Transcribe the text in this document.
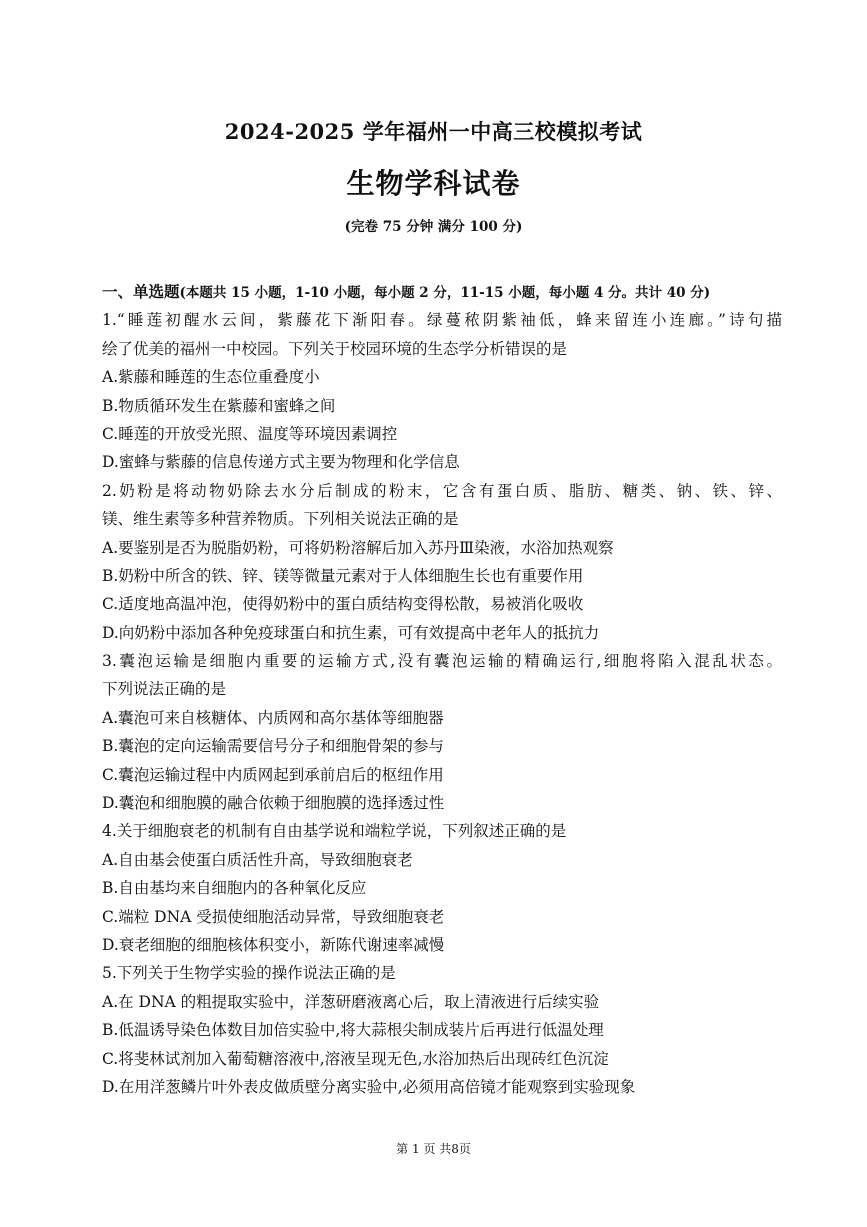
2024-2025 学年福州一中高三校模拟考试
生物学科试卷
(完卷 75 分钟 满分 100 分)
一、单选题(本题共 15 小题，1-10 小题，每小题 2 分，11-15 小题，每小题 4 分。共计 40 分)
1.“睡莲初醒水云间，紫藤花下渐阳春。绿蔓秾阴紫袖低，蜂来留连小连廊。”诗句描
绘了优美的福州一中校园。下列关于校园环境的生态学分析错误的是
A.紫藤和睡莲的生态位重叠度小
B.物质循环发生在紫藤和蜜蜂之间
C.睡莲的开放受光照、温度等环境因素调控
D.蜜蜂与紫藤的信息传递方式主要为物理和化学信息
2.奶粉是将动物奶除去水分后制成的粉末，它含有蛋白质、脂肪、糖类、钠、铁、锌、
镁、维生素等多种营养物质。下列相关说法正确的是
A.要鉴别是否为脱脂奶粉，可将奶粉溶解后加入苏丹Ⅲ染液，水浴加热观察
B.奶粉中所含的铁、锌、镁等微量元素对于人体细胞生长也有重要作用
C.适度地高温冲泡，使得奶粉中的蛋白质结构变得松散，易被消化吸收
D.向奶粉中添加各种免疫球蛋白和抗生素，可有效提高中老年人的抵抗力
3.囊泡运输是细胞内重要的运输方式,没有囊泡运输的精确运行,细胞将陷入混乱状态。
下列说法正确的是
A.囊泡可来自核糖体、内质网和高尔基体等细胞器
B.囊泡的定向运输需要信号分子和细胞骨架的参与
C.囊泡运输过程中内质网起到承前启后的枢纽作用
D.囊泡和细胞膜的融合依赖于细胞膜的选择透过性
4.关于细胞衰老的机制有自由基学说和端粒学说，下列叙述正确的是
A.自由基会使蛋白质活性升高，导致细胞衰老
B.自由基均来自细胞内的各种氧化反应
C.端粒 DNA 受损使细胞活动异常，导致细胞衰老
D.衰老细胞的细胞核体积变小，新陈代谢速率减慢
5.下列关于生物学实验的操作说法正确的是
A.在 DNA 的粗提取实验中，洋葱研磨液离心后，取上清液进行后续实验
B.低温诱导染色体数目加倍实验中,将大蒜根尖制成装片后再进行低温处理
C.将斐林试剂加入葡萄糖溶液中,溶液呈现无色,水浴加热后出现砖红色沉淀
D.在用洋葱鳞片叶外表皮做质壁分离实验中,必须用高倍镜才能观察到实验现象
第 1 页 共8页
